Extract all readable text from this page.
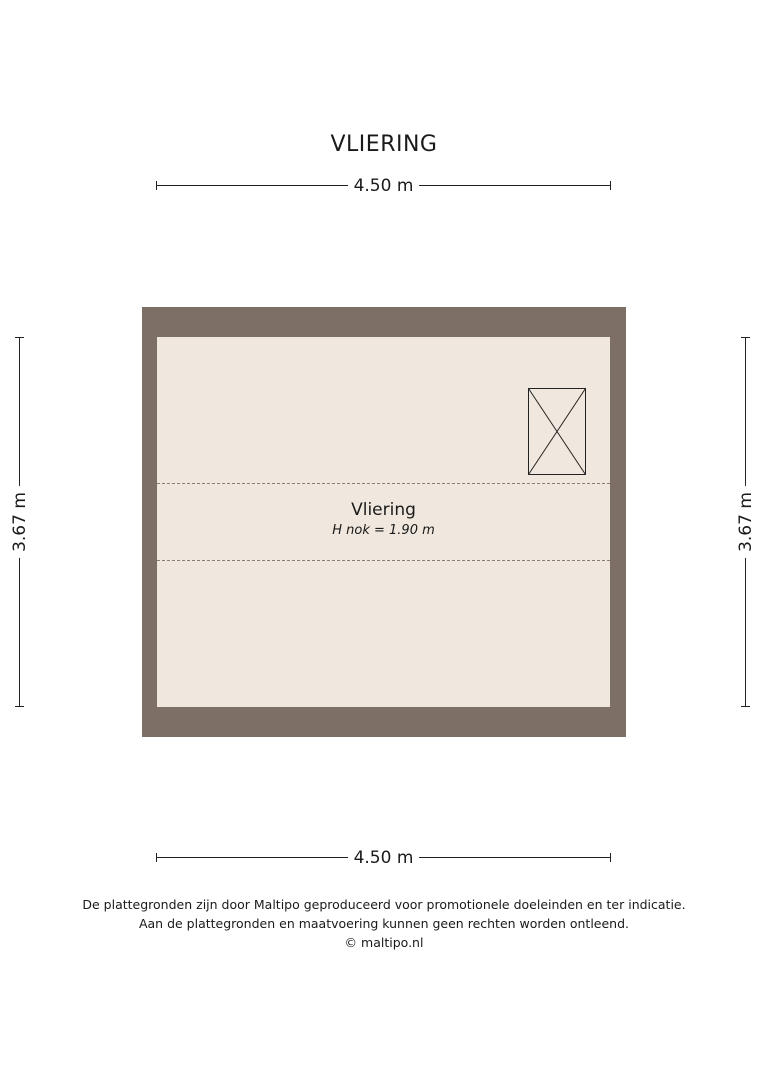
VLIERING
4.50 m
3.67 m	3.67 m
Vliering
H nok = 1.90 m
4.50 m
De plattegronden zijn door Maltipo geproduceerd voor promotionele doeleinden en ter indicatie.
Aan de plattegronden en maatvoering kunnen geen rechten worden ontleend.
© maltipo.nl
